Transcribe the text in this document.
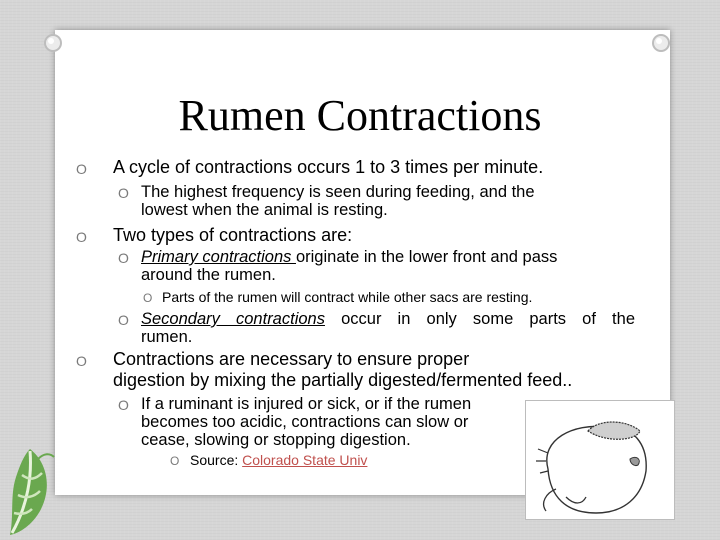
Rumen Contractions
O A cycle of contractions occurs 1 to 3 times per minute.
O The highest frequency is seen during feeding, and the
lowest when the animal is resting.
O Two types of contractions are:
O Primary contractions originate in the lower front and pass
around the rumen.
O Parts of the rumen will contract while other sacs are resting.
O Secondary contractions occur in only some parts of the
rumen.
O Contractions are necessary to ensure proper
digestion by mixing the partially digested/fermented feed..
O If a ruminant is injured or sick, or if the rumen
becomes too acidic, contractions can slow or
cease, slowing or stopping digestion.
O Source: Colorado State Univ
